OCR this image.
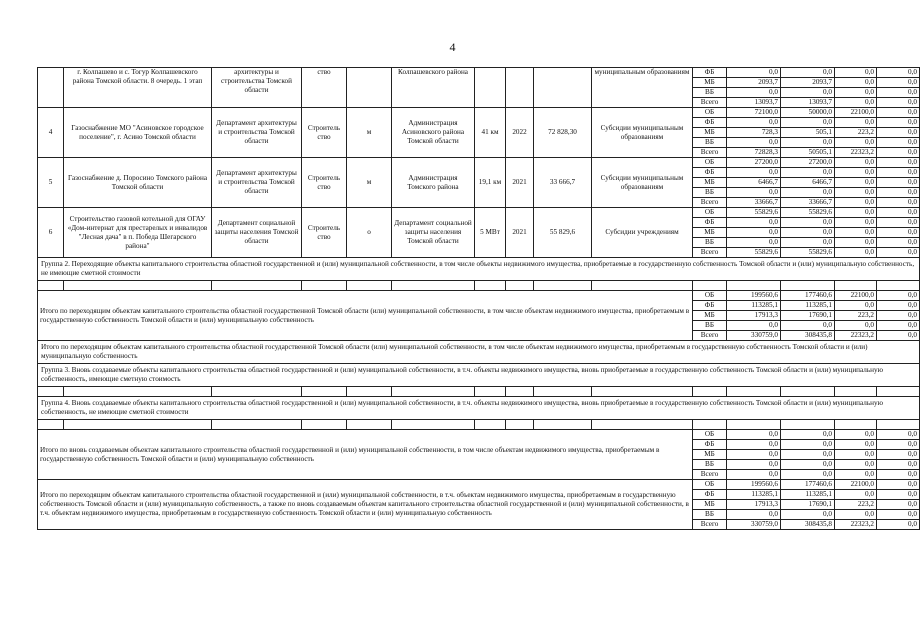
4
	г. Колпашево и с. Тогур Колпашевского района Томской области. 8 очередь. 1 этап	архитектуры и строительства Томской области	ство		Колпашевского района				муниципальным образованиям	ФБ	0,0	0,0	0,0	0,0
										МБ	2093,7	2093,7	0,0	0,0
										ВБ	0,0	0,0	0,0	0,0
										Всего	13093,7	13093,7	0,0	0,0
4	Газоснабжение МО "Асиновское городское поселение", г. Асино Томской области	Департамент архитектуры и строительства Томской области	Строитель ство	м	Администрация Асиновского района Томской области	41 км	2022	72 828,30	Субсидии муниципальным образованиям	ОБ	72100,0	50000,0	22100,0	0,0
										ФБ	0,0	0,0	0,0	0,0
										МБ	728,3	505,1	223,2	0,0
										ВБ	0,0	0,0	0,0	0,0
										Всего	72828,3	50505,1	22323,2	0,0
5	Газоснабжение д. Поросино Томского района Томской области	Департамент архитектуры и строительства Томской области	Строитель ство	м	Администрация Томского района	19,1 км	2021	33 666,7	Субсидии муниципальным образованиям	ОБ	27200,0	27200,0	0,0	0,0
										ФБ	0,0	0,0	0,0	0,0
										МБ	6466,7	6466,7	0,0	0,0
										ВБ	0,0	0,0	0,0	0,0
										Всего	33666,7	33666,7	0,0	0,0
6	Строительство газовой котельной для ОГАУ «Дом-интернат для престарелых и инвалидов "Лесная дача" в п. Победа Шегарского района"	Департамент социальной защиты населения Томской области	Строитель ство	о	Департамент социальной защиты населения Томской области	5 МВт	2021	55 829,6	Субсидии учреждениям	ОБ	55829,6	55829,6	0,0	0,0
										ФБ	0,0	0,0	0,0	0,0
										МБ	0,0	0,0	0,0	0,0
										ВБ	0,0	0,0	0,0	0,0
										Всего	55829,6	55829,6	0,0	0,0
Группа 2. Переходящие объекты капитального строительства областной государственной и (или) муниципальной собственности, в том числе объекты недвижимого имущества, приобретаемые в государственную собственность Томской области и (или) муниципальную собственность, не имеющие сметной стоимости														

Итого по переходящим объектам капитального строительства областной государственной Томской области (или) муниципальной собственности, в том числе объектам недвижимого имущества, приобретаемым в государственную собственность Томской области и (или) муниципальную собственность										ОБ	199560,6	177460,6	22100,0	0,0
										ФБ	113285,1	113285,1	0,0	0,0
										МБ	17913,3	17690,1	223,2	0,0
										ВБ	0,0	0,0	0,0	0,0
										Всего	330759,0	308435,8	22323,2	0,0
Итого по переходящим объектам капитального строительства областной государственной Томской области (или) муниципальной собственности, в том числе объектам недвижимого имущества, приобретаемым в государственную собственность Томской области и (или) муниципальную собственность														
Группа 3. Вновь создаваемые объекты капитального строительства областной государственной и (или) муниципальной собственности, в т.ч. объекты недвижимого имущества, вновь приобретаемые в государственную собственность Томской области и (или) муниципальную собственность, имеющие сметную стоимость														

Группа 4. Вновь создаваемые объекты капитального строительства областной государственной и (или) муниципальной собственности, в т.ч. объекты недвижимого имущества, вновь приобретаемые в государственную собственность Томской области и (или) муниципальную собственность, не имеющие сметной стоимости														

Итого по вновь создаваемым объектам капитального строительства областной государственной и (или) муниципальной собственности, в том числе объектам недвижимого имущества, приобретаемым в государственную собственность Томской области и (или) муниципальную собственность										ОБ	0,0	0,0	0,0	0,0
										ФБ	0,0	0,0	0,0	0,0
										МБ	0,0	0,0	0,0	0,0
										ВБ	0,0	0,0	0,0	0,0
										Всего	0,0	0,0	0,0	0,0
Итого по переходящим объектам капитального строительства областной государственной и (или) муниципальной собственности, в т.ч. объектам недвижимого имущества, приобретаемым в государственную собственность Томской области и (или) муниципальную собственность, а также по вновь создаваемым объектам капитального строительства областной государственной и (или) муниципальной собственности, в т.ч. объектам недвижимого имущества, приобретаемым в государственную собственность Томской области и (или) муниципальную собственность										ОБ	199560,6	177460,6	22100,0	0,0
										ФБ	113285,1	113285,1	0,0	0,0
										МБ	17913,3	17690,1	223,2	0,0
										ВБ	0,0	0,0	0,0	0,0
										Всего	330759,0	308435,8	22323,2	0,0
